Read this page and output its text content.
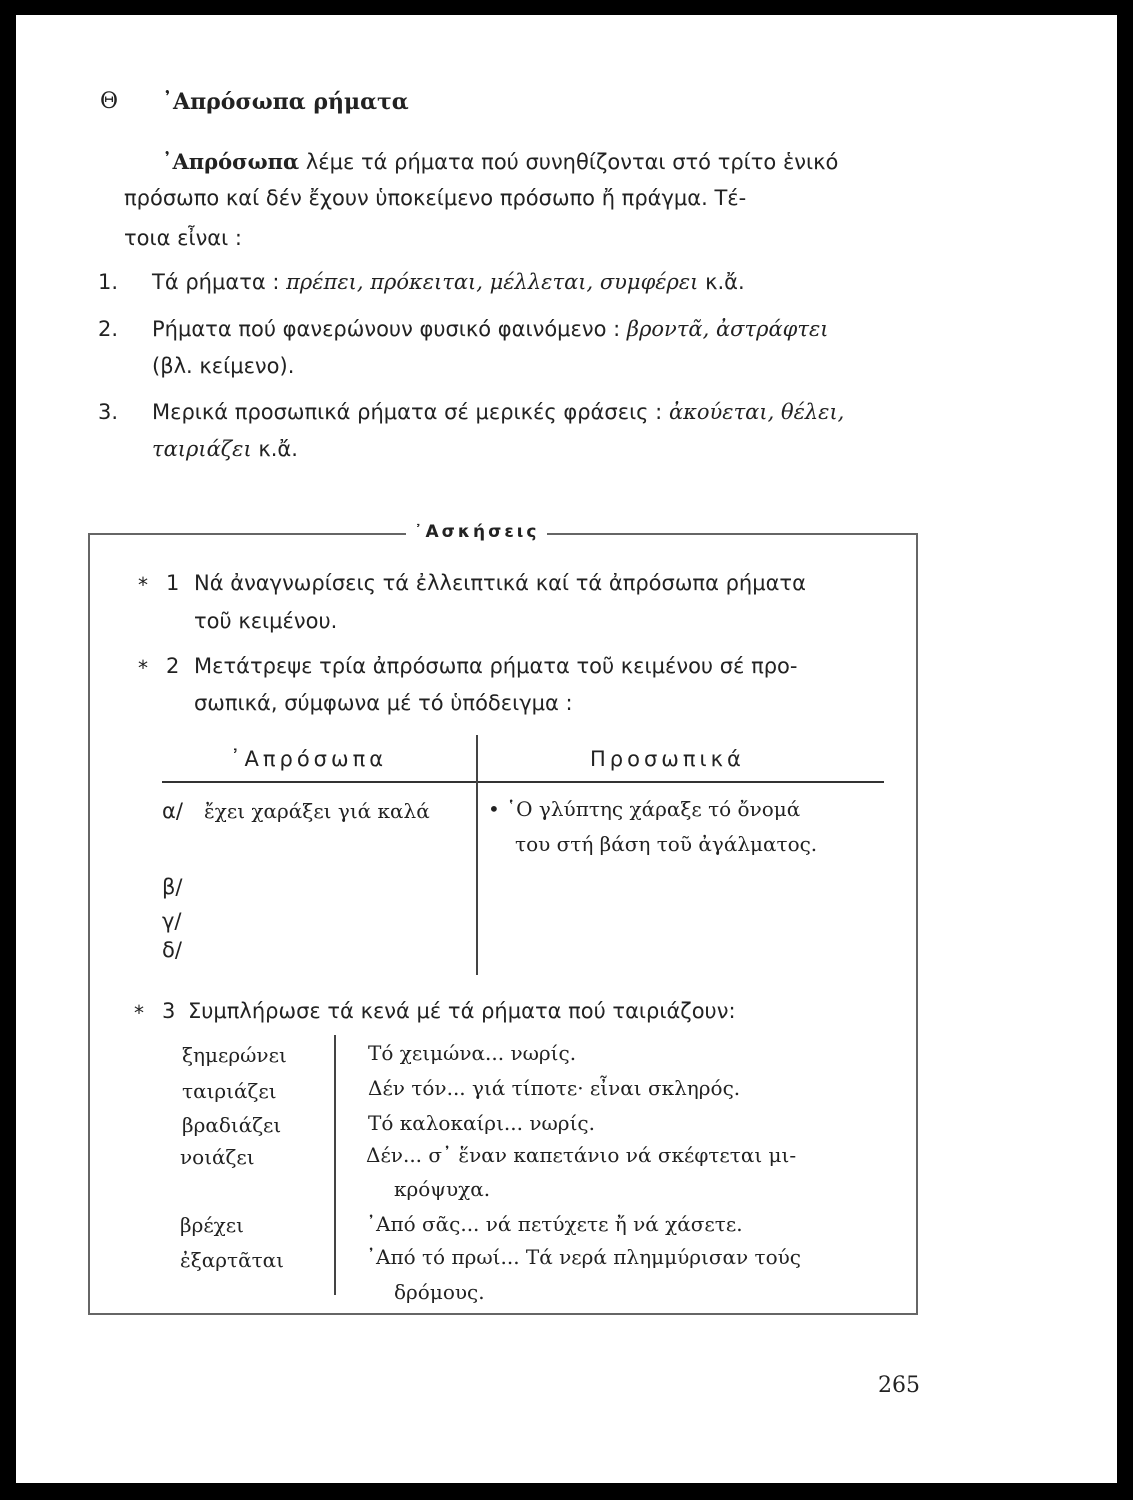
Θ ᾿Απρόσωπα ρήματα
᾿Απρόσωπα λέμε τά ρήματα πού συνηθίζονται στό τρίτο ἑνικό
πρόσωπο καί δέν ἔχουν ὑποκείμενο πρόσωπο ἤ πράγμα. Τέ-
τοια εἶναι :
1. Τά ρήματα : πρέπει, πρόκειται, μέλλεται, συμφέρει κ.ἄ.
2. Ρήματα πού φανερώνουν φυσικό φαινόμενο : βροντᾶ, ἀστράφτει
(βλ. κείμενο).
3. Μερικά προσωπικά ρήματα σέ μερικές φράσεις : ἀκούεται, θέλει,
ταιριάζει κ.ἄ.
᾿Ασκήσεις
* 1 Νά ἀναγνωρίσεις τά ἐλλειπτικά καί τά ἀπρόσωπα ρήματα
τοῦ κειμένου.
* 2 Μετάτρεψε τρία ἀπρόσωπα ρήματα τοῦ κειμένου σέ προ-
σωπικά, σύμφωνα μέ τό ὑπόδειγμα :
᾿Απρόσωπα	Προσωπικά
α/ ἔχει χαράξει γιά καλά	• ῾Ο γλύπτης χάραξε τό ὄνομά
του στή βάση τοῦ ἀγάλματος.
β/
γ/
δ/
* 3 Συμπλήρωσε τά κενά μέ τά ρήματα πού ταιριάζουν:
ξημερώνει
ταιριάζει
βραδιάζει
Τό χειμώνα... νωρίς.
Δέν τόν... γιά τίποτε· εἶναι σκληρός.
Τό καλοκαίρι... νωρίς.
νοιάζει
βρέχει
ἐξαρτᾶται
Δέν... σ᾿ ἕναν καπετάνιο νά σκέφτεται μι-
κρόψυχα.
᾿Από σᾶς... νά πετύχετε ἤ νά χάσετε.
᾿Από τό πρωί... Τά νερά πλημμύρισαν τούς
δρόμους.
265
